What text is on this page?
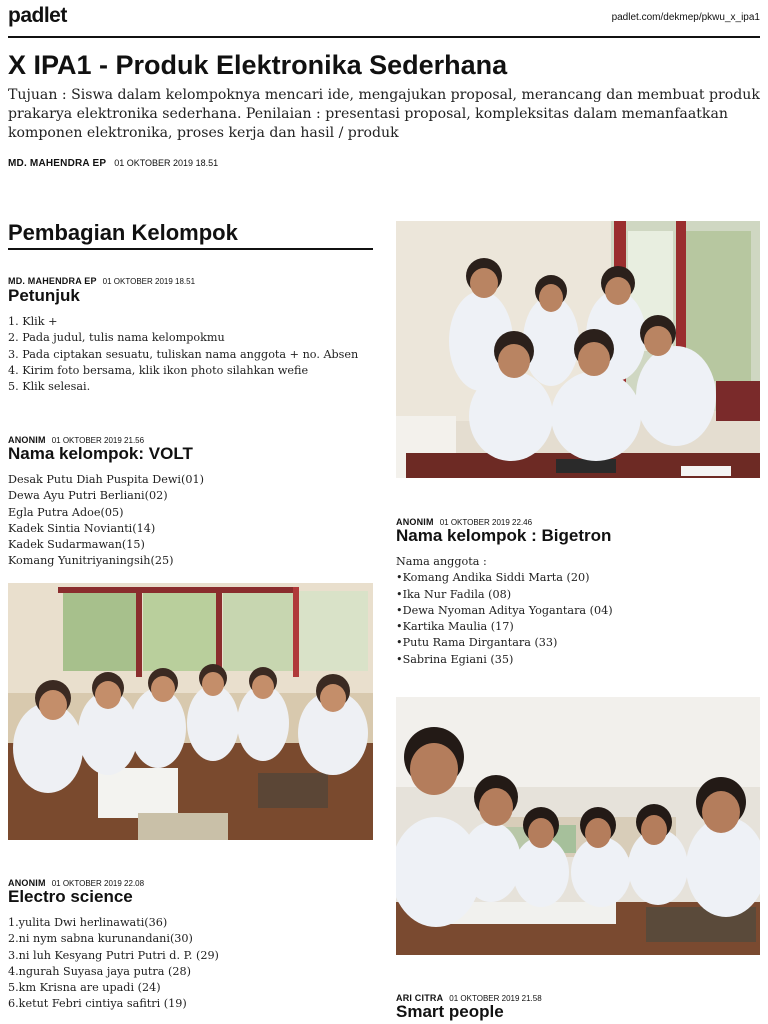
padlet	padlet.com/dekmep/pkwu_x_ipa1
X IPA1 - Produk Elektronika Sederhana
Tujuan : Siswa dalam kelompoknya mencari ide, mengajukan proposal, merancang dan membuat produk prakarya elektronika sederhana. Penilaian : presentasi proposal, kompleksitas dalam memanfaatkan komponen elektronika, proses kerja dan hasil / produk
MD. MAHENDRA EP 01 OKTOBER 2019 18.51
Pembagian Kelompok
MD. MAHENDRA EP 01 OKTOBER 2019 18.51
Petunjuk
1. Klik +
2. Pada judul, tulis nama kelompokmu
3. Pada ciptakan sesuatu, tuliskan nama anggota + no. Absen
4. Kirim foto bersama, klik ikon photo silahkan wefie
5. Klik selesai.
ANONIM 01 OKTOBER 2019 21.56
Nama kelompok: VOLT
Desak Putu Diah Puspita Dewi(01)
Dewa Ayu Putri Berliani(02)
Egla Putra Adoe(05)
Kadek Sintia Novianti(14)
Kadek Sudarmawan(15)
Komang Yunitriyaningsih(25)
ANONIM 01 OKTOBER 2019 22.08
Electro science
1.yulita Dwi herlinawati(36)
2.ni nym sabna kurunandani(30)
3.ni luh Kesyang Putri Putri d. P. (29)
4.ngurah Suyasa jaya putra (28)
5.km Krisna are upadi (24)
6.ketut Febri cintiya safitri (19)
ANONIM 01 OKTOBER 2019 22.46
Nama kelompok : Bigetron
Nama anggota :
•Komang Andika Siddi Marta (20)
•Ika Nur Fadila (08)
•Dewa Nyoman Aditya Yogantara (04)
•Kartika Maulia (17)
•Putu Rama Dirgantara (33)
•Sabrina Egiani (35)
ARI CITRA 01 OKTOBER 2019 21.58
Smart people
